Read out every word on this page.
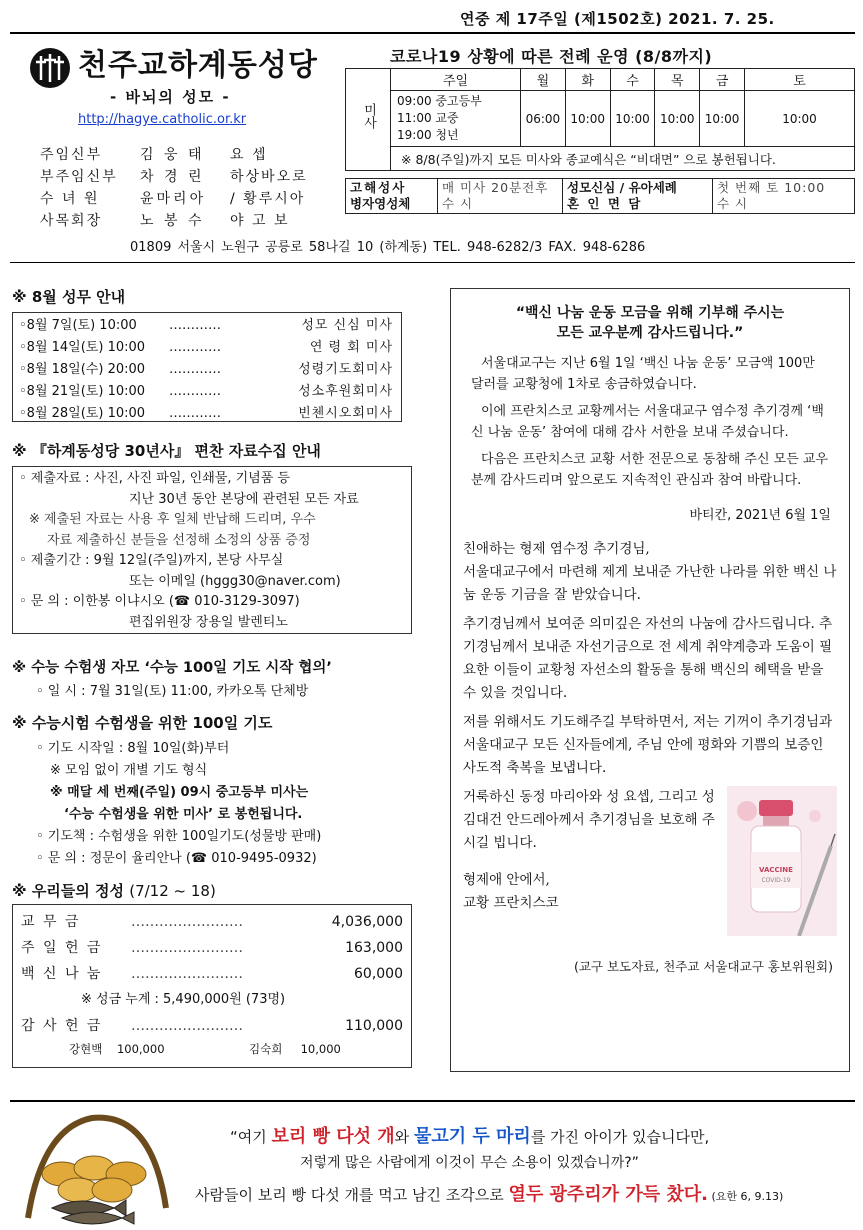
연중 제 17주일 (제1502호) 2021. 7. 25.
천주교하계동성당
- 바뇌의 성모 -
http://hagye.catholic.or.kr
주임신부	김 웅 태	요 셉
부주임신부	차 경 린	하상바오로
수 녀 원	윤마리아	/ 황루시아
사목회장	노 봉 수	야 고 보
코로나19 상황에 따른 전례 운영 (8/8까지)
미사	주일	월	화	수	목	금	토
	09:00 중고등부
11:00 교중
19:00 청년	06:00	10:00	10:00	10:00	10:00	10:00
	※ 8/8(주일)까지 모든 미사와 종교예식은 “비대면” 으로 봉헌됩니다.						
고해성사
병자영성체

매 미사 20분전후
수 시

성모신심 / 유아세례
혼 인 면 담

첫 번째 토 10:00
수 시
01809 서울시 노원구 공릉로 58나길 10 (하계동) TEL. 948-6282/3 FAX. 948-6286
※ 8월 성무 안내
◦8월 7일(토) 10:00	…………	성모 신심 미사
◦8월 14일(토) 10:00	…………	연 령 회 미사
◦8월 18일(수) 20:00	…………	성령기도회미사
◦8월 21일(토) 10:00	…………	성소후원회미사
◦8월 28일(토) 10:00	…………	빈첸시오회미사
※ 『하계동성당 30년사』 편찬 자료수집 안내
◦ 제출자료 : 사진, 사진 파일, 인쇄물, 기념품 등
지난 30년 동안 본당에 관련된 모든 자료
※ 제출된 자료는 사용 후 일체 반납해 드리며, 우수
자료 제출하신 분들을 선정해 소정의 상품 증정
◦ 제출기간 : 9월 12일(주일)까지, 본당 사무실
또는 이메일 (hggg30@naver.com)
◦ 문 의 : 이한봉 이냐시오 (☎ 010-3129-3097)
편집위원장 장용일 발렌티노
※ 수능 수험생 자모 ‘수능 100일 기도 시작 협의’
◦ 일 시 : 7월 31일(토) 11:00, 카카오톡 단체방
※ 수능시험 수험생을 위한 100일 기도
◦ 기도 시작일 : 8월 10일(화)부터
※ 모임 없이 개별 기도 형식
※ 매달 세 번째(주일) 09시 중고등부 미사는
‘수능 수험생을 위한 미사’ 로 봉헌됩니다.
◦ 기도책 : 수험생을 위한 100일기도(성물방 판매)
◦ 문 의 : 정문이 율리안나 (☎ 010-9495-0932)
※ 우리들의 정성 (7/12 ~ 18)
교 무 금	……………………	4,036,000
주 일 헌 금	……………………	163,000
백 신 나 눔	……………………	60,000
※ 성금 누계 : 5,490,000원 (73명)
감 사 헌 금	……………………	110,000
강현백    100,000	김숙희     10,000
“백신 나눔 운동 모금을 위해 기부해 주시는
모든 교우분께 감사드립니다.”

서울대교구는 지난 6월 1일 ‘백신 나눔 운동’ 모금액 100만 달러를 교황청에 1차로 송금하였습니다.

이에 프란치스코 교황께서는 서울대교구 염수정 추기경께 ‘백신 나눔 운동’ 참여에 대해 감사 서한을 보내 주셨습니다.

다음은 프란치스코 교황 서한 전문으로 동참해 주신 모든 교우분께 감사드리며 앞으로도 지속적인 관심과 참여 바랍니다.

바티칸, 2021년 6월 1일
친애하는 형제 염수정 추기경님,

서울대교구에서 마련해 제게 보내준 가난한 나라를 위한 백신 나눔 운동 기금을 잘 받았습니다.

추기경님께서 보여준 의미깊은 자선의 나눔에 감사드립니다. 추기경님께서 보내준 자선기금으로 전 세계 취약계층과 도움이 필요한 이들이 교황청 자선소의 활동을 통해 백신의 혜택을 받을 수 있을 것입니다.

저를 위해서도 기도해주길 부탁하면서, 저는 기꺼이 추기경님과 서울대교구 모든 신자들에게, 주님 안에 평화와 기쁨의 보증인 사도적 축복을 보냅니다.

거룩하신 동정 마리아와 성 요셉, 그리고 성 김대건 안드레아께서 추기경님을 보호해 주시길 빕니다.

형제애 안에서,
교황 프란치스코
VACCINE
COVID-19
(교구 보도자료, 천주교 서울대교구 홍보위원회)
“여기 보리 빵 다섯 개와 물고기 두 마리를 가진 아이가 있습니다만,
저렇게 많은 사람에게 이것이 무슨 소용이 있겠습니까?”
사람들이 보리 빵 다섯 개를 먹고 남긴 조각으로 열두 광주리가 가득 찼다. (요한 6, 9.13)
